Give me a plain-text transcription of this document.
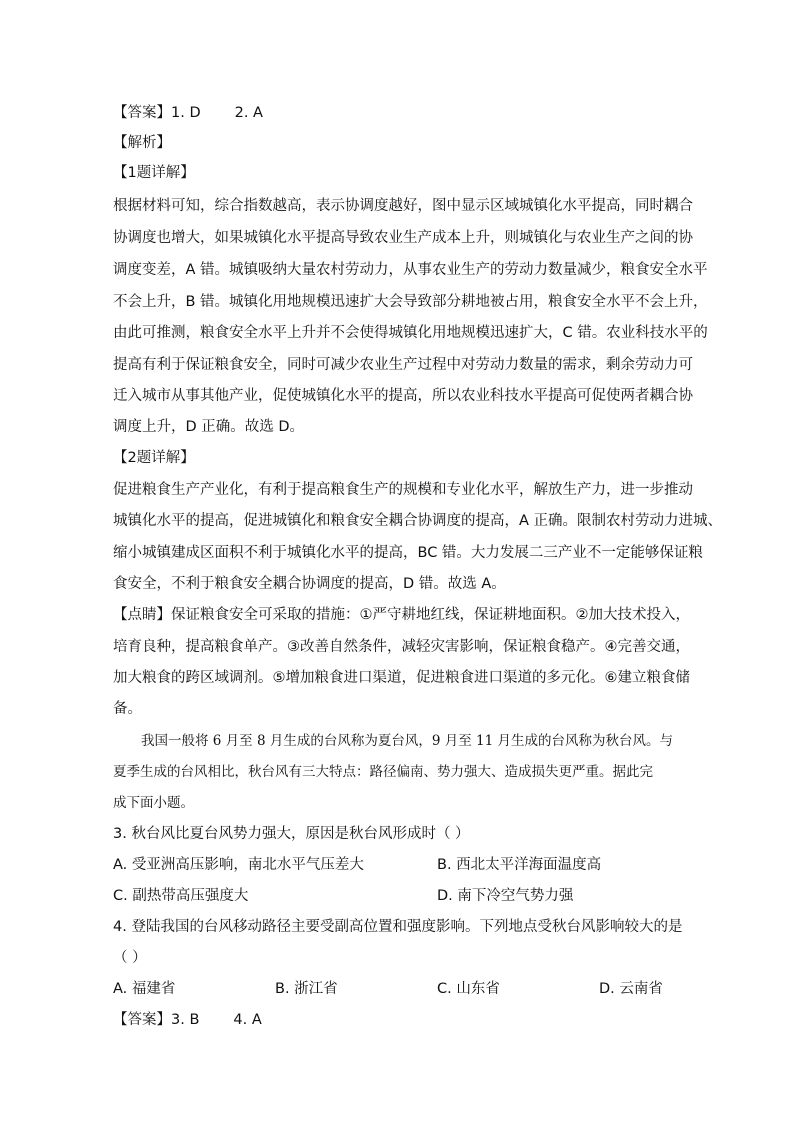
【答案】1. D 2. A
【解析】
【1题详解】
根据材料可知，综合指数越高，表示协调度越好，图中显示区域城镇化水平提高，同时耦合
协调度也增大，如果城镇化水平提高导致农业生产成本上升，则城镇化与农业生产之间的协
调度变差，A 错。城镇吸纳大量农村劳动力，从事农业生产的劳动力数量减少，粮食安全水平
不会上升，B 错。城镇化用地规模迅速扩大会导致部分耕地被占用，粮食安全水平不会上升，
由此可推测，粮食安全水平上升并不会使得城镇化用地规模迅速扩大，C 错。农业科技水平的
提高有利于保证粮食安全，同时可减少农业生产过程中对劳动力数量的需求，剩余劳动力可
迁入城市从事其他产业，促使城镇化水平的提高，所以农业科技水平提高可促使两者耦合协
调度上升，D 正确。故选 D。
【2题详解】
促进粮食生产产业化，有利于提高粮食生产的规模和专业化水平，解放生产力，进一步推动
城镇化水平的提高，促进城镇化和粮食安全耦合协调度的提高，A 正确。限制农村劳动力进城、
缩小城镇建成区面积不利于城镇化水平的提高，BC 错。大力发展二三产业不一定能够保证粮
食安全，不利于粮食安全耦合协调度的提高，D 错。故选 A。
【点睛】保证粮食安全可采取的措施：①严守耕地红线，保证耕地面积。②加大技术投入，
培育良种，提高粮食单产。③改善自然条件，减轻灾害影响，保证粮食稳产。④完善交通，
加大粮食的跨区域调剂。⑤增加粮食进口渠道，促进粮食进口渠道的多元化。⑥建立粮食储
备。
我国一般将 6 月至 8 月生成的台风称为夏台风，9 月至 11 月生成的台风称为秋台风。与
夏季生成的台风相比，秋台风有三大特点：路径偏南、势力强大、造成损失更严重。据此完
成下面小题。
3. 秋台风比夏台风势力强大，原因是秋台风形成时（ ）
A. 受亚洲高压影响，南北水平气压差大	B. 西北太平洋海面温度高
C. 副热带高压强度大	D. 南下冷空气势力强
4. 登陆我国的台风移动路径主要受副高位置和强度影响。下列地点受秋台风影响较大的是
（ ）
A. 福建省	B. 浙江省	C. 山东省	D. 云南省
【答案】3. B 4. A
